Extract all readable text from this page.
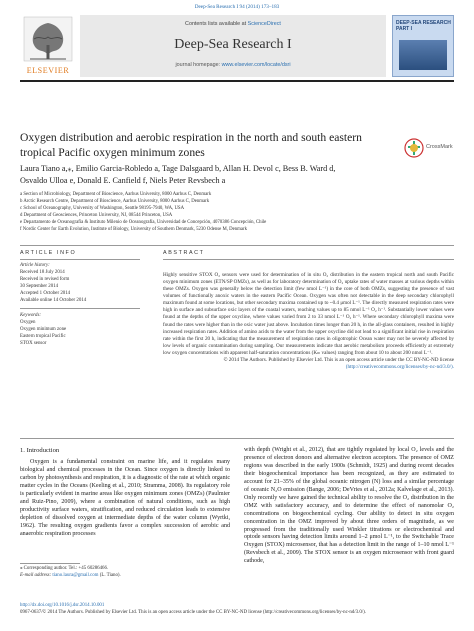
Deep-Sea Research I 94 (2014) 173–183
ELSEVIER
Contents lists available at ScienceDirect
Deep-Sea Research I
journal homepage: www.elsevier.com/locate/dsri
DEEP-SEA RESEARCH PART I
Oxygen distribution and aerobic respiration in the north and south eastern tropical Pacific oxygen minimum zones	CrossMark
Laura Tiano a,⁎, Emilio Garcia-Robledo a, Tage Dalsgaard b, Allan H. Devol c, Bess B. Ward d,
Osvaldo Ulloa e, Donald E. Canfield f, Niels Peter Revsbech a
a Section of Microbiology, Department of Bioscience, Aarhus University, 8000 Aarhus C, Denmark
b Arctic Research Centre, Department of Bioscience, Aarhus University, 8000 Aarhus C, Denmark
c School of Oceanography, University of Washington, Seattle 98195-7940, WA, USA
d Department of Geosciences, Princeton University, NJ, 08544 Princeton, USA
e Departamento de Oceanografía & Instituto Milenio de Oceanografía, Universidad de Concepción, 4070386 Concepción, Chile
f Nordic Center for Earth Evolution, Institute of Biology, University of Southern Denmark, 5230 Odense M, Denmark
ARTICLE INFO	ABSTRACT
Article history:
Received 18 July 2014
Received in revised form
30 September 2014
Accepted 1 October 2014
Available online 14 October 2014
Keywords:
Oxygen
Oxygen minimum zone
Eastern tropical Pacific
STOX sensor
Highly sensitive STOX O₂ sensors were used for determination of in situ O₂ distribution in the eastern tropical north and south Pacific oxygen minimum zones (ETN/SP OMZs), as well as for laboratory determination of O₂ uptake rates of water masses at various depths within these OMZs. Oxygen was generally below the detection limit (few nmol L⁻¹) in the core of both OMZs, suggesting the presence of vast volumes of functionally anoxic waters in the eastern Pacific Ocean. Oxygen was often not detectable in the deep secondary chlorophyll maximum found at some locations, but other secondary maxima contained up to ~0.4 μmol L⁻¹. The directly measured respiration rates were high in surface and subsurface oxic layers of the coastal waters, reaching values up to 85 nmol L⁻¹ O₂ h⁻¹. Substantially lower values were found at the depths of the upper oxycline, where values varied from 2 to 33 nmol L⁻¹ O₂ h⁻¹. Where secondary chlorophyll maxima were found the rates were higher than in the oxic water just above. Incubation times longer than 20 h, in the all-glass containers, resulted in highly increased respiration rates. Addition of amino acids to the water from the upper oxycline did not lead to a significant initial rise in respiration rate within the first 20 h, indicating that the measurement of respiration rates in oligotrophic Ocean water may not be severely affected by low levels of organic contamination during sampling. Our measurements indicate that aerobic metabolism proceeds efficiently at extremely low oxygen concentrations with apparent half-saturation concentrations (Kₘ values) ranging from about 10 to about 200 nmol L⁻¹.
© 2014 The Authors. Published by Elsevier Ltd. This is an open access article under the CC BY-NC-ND license (http://creativecommons.org/licenses/by-nc-nd/3.0/).
1. Introduction
Oxygen is a fundamental constraint on marine life, and it regulates many biological and chemical processes in the Ocean. Since oxygen is directly linked to carbon by photosynthesis and respiration, it is a diagnostic of the rate at which organic matter cycles in the Oceans (Keeling et al., 2010; Stramma, 2008). Its regulatory role is particularly evident in marine areas like oxygen minimum zones (OMZs) (Paulmier and Ruiz-Pino, 2009), where a combination of natural conditions, such as high productivity surface waters, stratification, and reduced circulation leads to extensive depletion of dissolved oxygen at intermediate depths of the water column (Wyrtki, 1962). The resulting oxygen gradients favor a complex succession of aerobic and anaerobic respiration processes
with depth (Wright et al., 2012), that are tightly regulated by local O₂ levels and the presence of electron donors and alternative electron acceptors. The presence of OMZ regions was described in the early 1900s (Schmidt, 1925) and during recent decades their biogeochemical importance has been recognized, as they are estimated to account for 21–35% of the global oceanic nitrogen (N) loss and a similar percentage of oceanic N₂O emission (Bange, 2006; DeVries et al., 2012a; Kalvelage et al., 2013). Only recently we have gained the technical ability to resolve the O₂ distribution in the OMZ with satisfactory accuracy, and to determine the effect of nanomolar O₂ concentrations on biogeochemical cycling. Our ability to detect in situ oxygen concentration in the OMZ improved by about three orders of magnitude, as we progressed from the traditionally used Winkler titrations or electrochemical and optode sensors having detection limits around 1–2 μmol L⁻¹, to the Switchable Trace Oxygen (STOX) microsensor, that has a detection limit in the range of 1–10 nmol L⁻¹ (Revsbech et al., 2009). The STOX sensor is an oxygen microsensor with front guard cathode,
⁎ Corresponding author. Tel.: +45 60286466.
E-mail address: tiano.laura@gmail.com (L. Tiano).
http://dx.doi.org/10.1016/j.dsr.2014.10.001
0967-0637/© 2014 The Authors. Published by Elsevier Ltd. This is an open access article under the CC BY-NC-ND license (http://creativecommons.org/licenses/by-nc-nd/3.0/).
